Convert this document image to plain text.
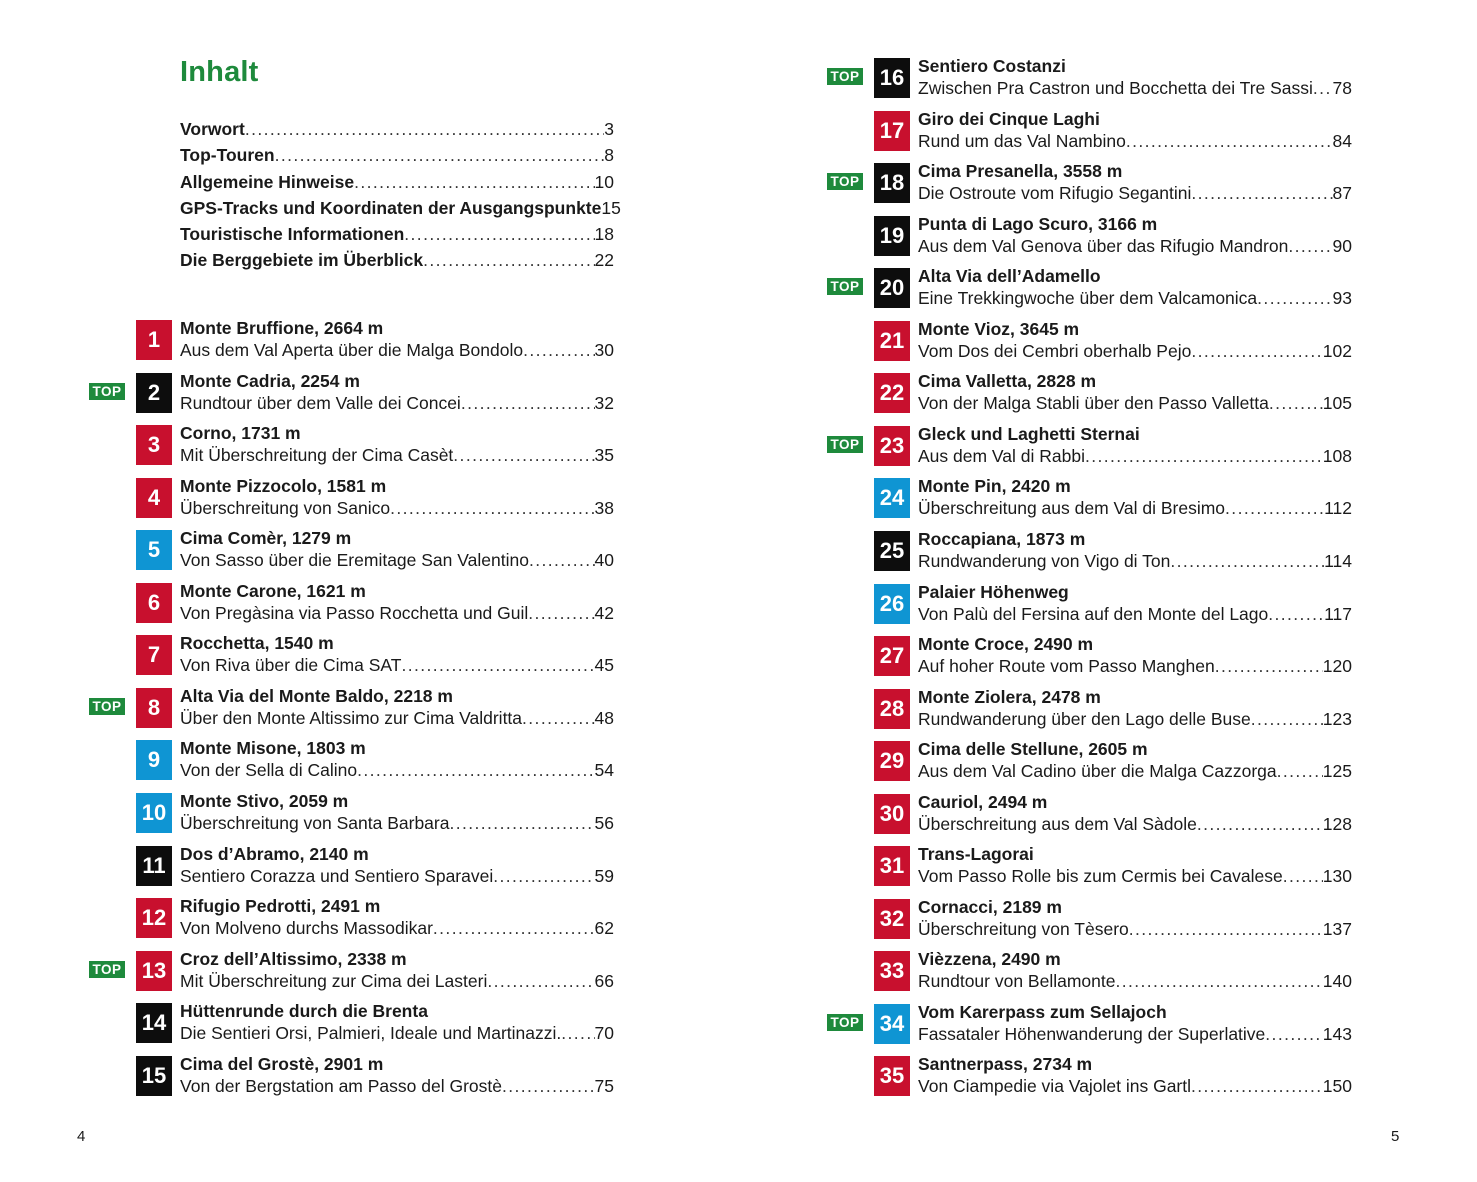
Inhalt
Vorwort .....	3
Top-Touren .....	8
Allgemeine Hinweise .....	10
GPS-Tracks und Koordinaten der Ausgangspunkte 15
Touristische Informationen .....	18
Die Berggebiete im Überblick .....	22
1	Monte Bruffione, 2664 m
Aus dem Val Aperta über die Malga Bondolo .....	30
TOP	2	Monte Cadria, 2254 m
Rundtour über dem Valle dei Concei .....	32
3	Corno, 1731 m
Mit Überschreitung der Cima Casèt .....	35
4	Monte Pizzocolo, 1581 m
Überschreitung von Sanico .....	38
5	Cima Comèr, 1279 m
Von Sasso über die Eremitage San Valentino .....	40
6	Monte Carone, 1621 m
Von Pregàsina via Passo Rocchetta und Guil .....	42
7	Rocchetta, 1540 m
Von Riva über die Cima SAT .....	45
TOP	8	Alta Via del Monte Baldo, 2218 m
Über den Monte Altissimo zur Cima Valdritta .....	48
9	Monte Misone, 1803 m
Von der Sella di Calino .....	54
10 Monte Stivo, 2059 m
Überschreitung von Santa Barbara .....	56
11 Dos d’Abramo, 2140 m
Sentiero Corazza und Sentiero Sparavei .....	59
12 Rifugio Pedrotti, 2491 m
Von Molveno durchs Massodikar .....	62
TOP 13 Croz dell’Altissimo, 2338 m
Mit Überschreitung zur Cima dei Lasteri .....	66
14 Hüttenrunde durch die Brenta
Die Sentieri Orsi, Palmieri, Ideale und Martinazzi. ..... 70
15 Cima del Grostè, 2901 m
Von der Bergstation am Passo del Grostè .....	75
TOP 16 Sentiero Costanzi
Zwischen Pra Castron und Bocchetta dei Tre Sassi ..... 78
17 Giro dei Cinque Laghi
Rund um das Val Nambino .....	84
TOP 18 Cima Presanella, 3558 m
Die Ostroute vom Rifugio Segantini .....	87
19 Punta di Lago Scuro, 3166 m
Aus dem Val Genova über das Rifugio Mandron .....	90
TOP 20 Alta Via dell’Adamello
Eine Trekkingwoche über dem Valcamonica .....	93
21 Monte Vioz, 3645 m
Vom Dos dei Cembri oberhalb Pejo .....	102
22 Cima Valletta, 2828 m
Von der Malga Stabli über den Passo Valletta .....	105
TOP 23 Gleck und Laghetti Sternai
Aus dem Val di Rabbi .....	108
24 Monte Pin, 2420 m
Überschreitung aus dem Val di Bresimo .....	112
25 Roccapiana, 1873 m
Rundwanderung von Vigo di Ton .....	114
26 Palaier Höhenweg
Von Palù del Fersina auf den Monte del Lago .....	117
27 Monte Croce, 2490 m
Auf hoher Route vom Passo Manghen .....	120
28 Monte Ziolera, 2478 m
Rundwanderung über den Lago delle Buse .....	123
29 Cima delle Stellune, 2605 m
Aus dem Val Cadino über die Malga Cazzorga .....	125
30 Cauriol, 2494 m
Überschreitung aus dem Val Sàdole .....	128
31 Trans-Lagorai
Vom Passo Rolle bis zum Cermis bei Cavalese ..... 130
32 Cornacci, 2189 m
Überschreitung von Tèsero .....	137
33 Vièzzena, 2490 m
Rundtour von Bellamonte .....	140
TOP 34 Vom Karerpass zum Sellajoch
Fassataler Höhenwanderung der Superlative .....	143
35 Santnerpass, 2734 m
Von Ciampedie via Vajolet ins Gartl .....	150
4	5
